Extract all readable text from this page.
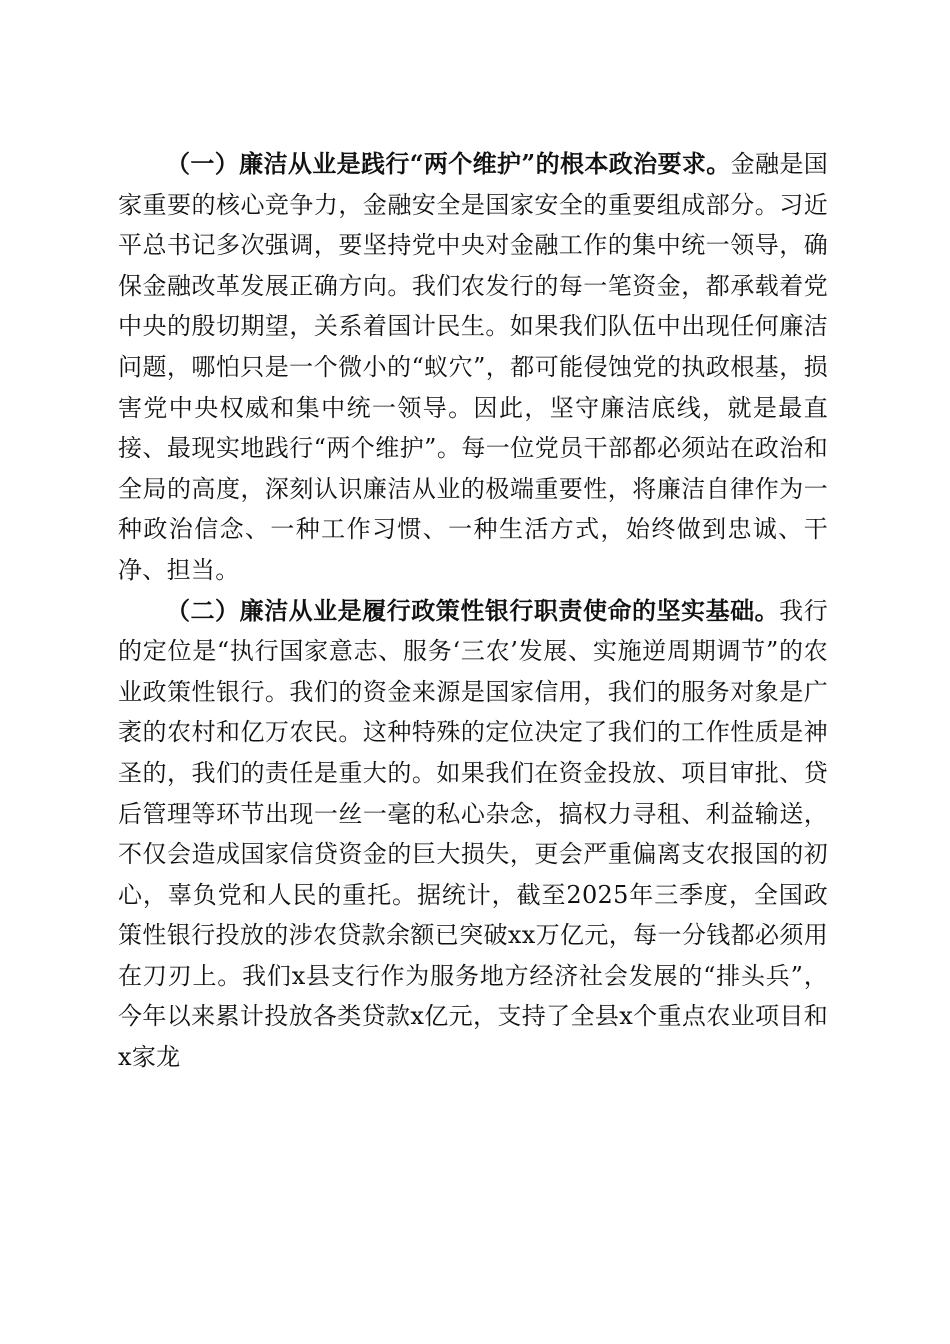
（一）廉洁从业是践行“两个维护”的根本政治要求。金融是国家重要的核心竞争力，金融安全是国家安全的重要组成部分。习近平总书记多次强调，要坚持党中央对金融工作的集中统一领导，确保金融改革发展正确方向。我们农发行的每一笔资金，都承载着党中央的殷切期望，关系着国计民生。如果我们队伍中出现任何廉洁问题，哪怕只是一个微小的“蚁穴”，都可能侵蚀党的执政根基，损害党中央权威和集中统一领导。因此，坚守廉洁底线，就是最直接、最现实地践行“两个维护”。每一位党员干部都必须站在政治和全局的高度，深刻认识廉洁从业的极端重要性，将廉洁自律作为一种政治信念、一种工作习惯、一种生活方式，始终做到忠诚、干净、担当。

（二）廉洁从业是履行政策性银行职责使命的坚实基础。我行的定位是“执行国家意志、服务‘三农’发展、实施逆周期调节”的农业政策性银行。我们的资金来源是国家信用，我们的服务对象是广袤的农村和亿万农民。这种特殊的定位决定了我们的工作性质是神圣的，我们的责任是重大的。如果我们在资金投放、项目审批、贷后管理等环节出现一丝一毫的私心杂念，搞权力寻租、利益输送，不仅会造成国家信贷资金的巨大损失，更会严重偏离支农报国的初心，辜负党和人民的重托。据统计，截至2025年三季度，全国政策性银行投放的涉农贷款余额已突破xx万亿元，每一分钱都必须用在刀刃上。我们x县支行作为服务地方经济社会发展的“排头兵”，今年以来累计投放各类贷款x亿元，支持了全县x个重点农业项目和x家龙
